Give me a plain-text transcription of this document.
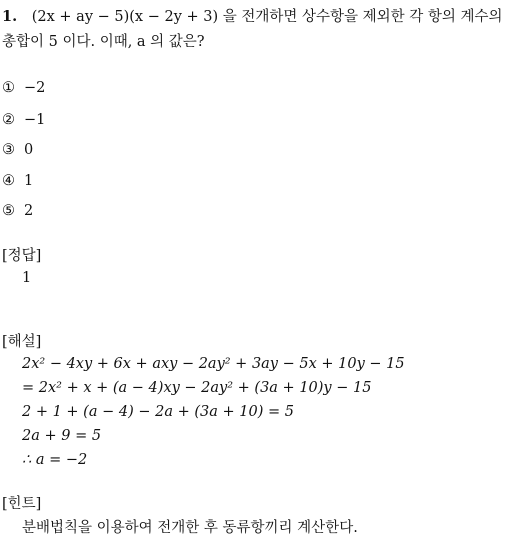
1. (2x + ay − 5)(x − 2y + 3) 을 전개하면 상수항을 제외한 각 항의 계수의
총합이 5 이다. 이때, a 의 값은?
① −2
② −1
③ 0
④ 1
⑤ 2
[정답]
1
[해설]
2x² − 4xy + 6x + axy − 2ay² + 3ay − 5x + 10y − 15
= 2x² + x + (a − 4)xy − 2ay² + (3a + 10)y − 15
2 + 1 + (a − 4) − 2a + (3a + 10) = 5
2a + 9 = 5
∴ a = −2
[힌트]
분배법칙을 이용하여 전개한 후 동류항끼리 계산한다.
